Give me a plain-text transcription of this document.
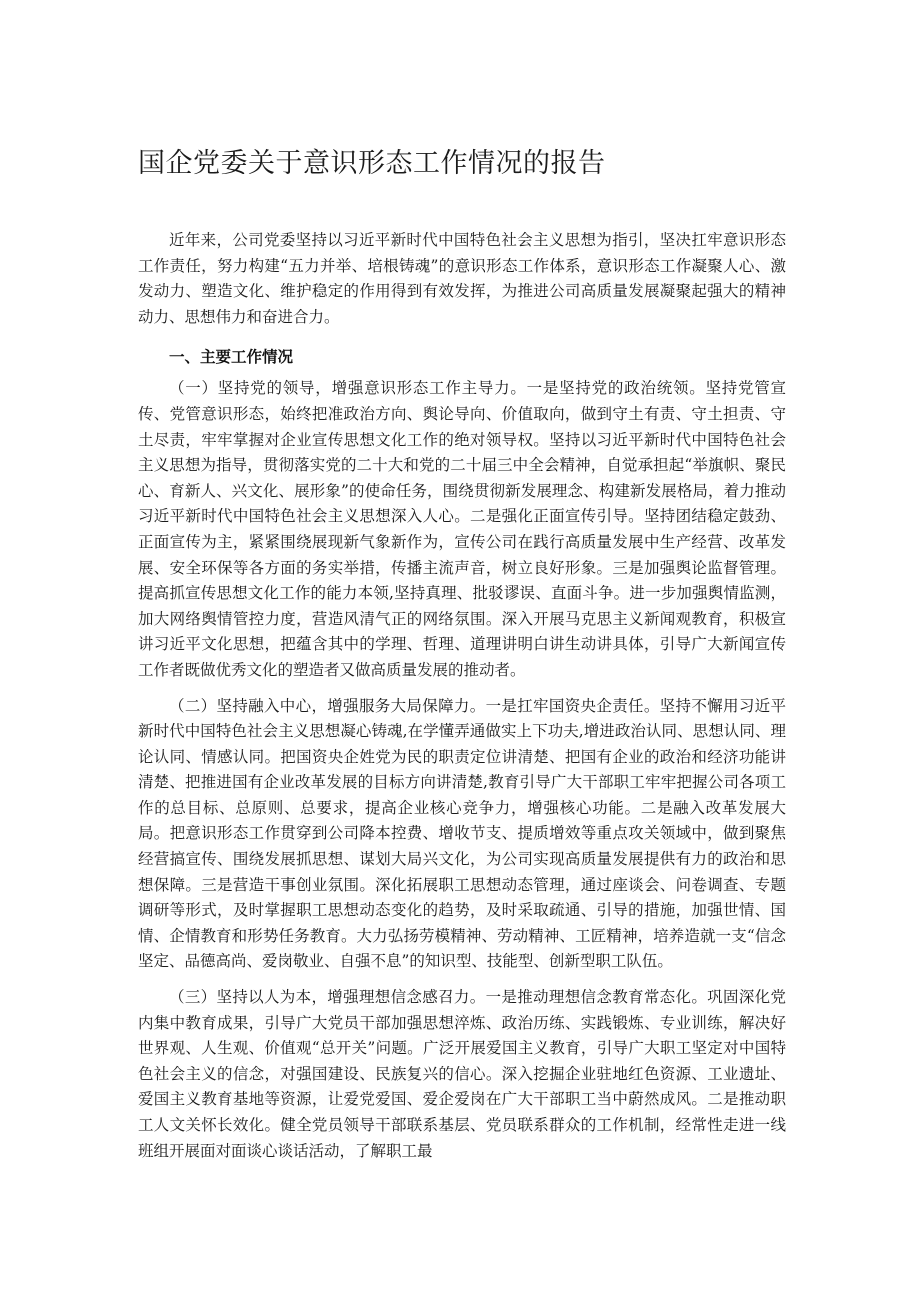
国企党委关于意识形态工作情况的报告

近年来，公司党委坚持以习近平新时代中国特色社会主义思想为指引，坚决扛牢意识形态工作责任，努力构建“五力并举、培根铸魂”的意识形态工作体系，意识形态工作凝聚人心、激发动力、塑造文化、维护稳定的作用得到有效发挥，为推进公司高质量发展凝聚起强大的精神动力、思想伟力和奋进合力。

一、主要工作情况

（一）坚持党的领导，增强意识形态工作主导力。一是坚持党的政治统领。坚持党管宣传、党管意识形态，始终把准政治方向、舆论导向、价值取向，做到守土有责、守土担责、守土尽责，牢牢掌握对企业宣传思想文化工作的绝对领导权。坚持以习近平新时代中国特色社会主义思想为指导，贯彻落实党的二十大和党的二十届三中全会精神，自觉承担起“举旗帜、聚民心、育新人、兴文化、展形象”的使命任务，围绕贯彻新发展理念、构建新发展格局，着力推动习近平新时代中国特色社会主义思想深入人心。二是强化正面宣传引导。坚持团结稳定鼓劲、正面宣传为主，紧紧围绕展现新气象新作为，宣传公司在践行高质量发展中生产经营、改革发展、安全环保等各方面的务实举措，传播主流声音，树立良好形象。三是加强舆论监督管理。提高抓宣传思想文化工作的能力本领,坚持真理、批驳谬误、直面斗争。进一步加强舆情监测，加大网络舆情管控力度，营造风清气正的网络氛围。深入开展马克思主义新闻观教育，积极宣讲习近平文化思想，把蕴含其中的学理、哲理、道理讲明白讲生动讲具体，引导广大新闻宣传工作者既做优秀文化的塑造者又做高质量发展的推动者。

（二）坚持融入中心，增强服务大局保障力。一是扛牢国资央企责任。坚持不懈用习近平新时代中国特色社会主义思想凝心铸魂,在学懂弄通做实上下功夫,增进政治认同、思想认同、理论认同、情感认同。把国资央企姓党为民的职责定位讲清楚、把国有企业的政治和经济功能讲清楚、把推进国有企业改革发展的目标方向讲清楚,教育引导广大干部职工牢牢把握公司各项工作的总目标、总原则、总要求，提高企业核心竞争力，增强核心功能。二是融入改革发展大局。把意识形态工作贯穿到公司降本控费、增收节支、提质增效等重点攻关领域中，做到聚焦经营搞宣传、围绕发展抓思想、谋划大局兴文化，为公司实现高质量发展提供有力的政治和思想保障。三是营造干事创业氛围。深化拓展职工思想动态管理，通过座谈会、问卷调查、专题调研等形式，及时掌握职工思想动态变化的趋势，及时采取疏通、引导的措施，加强世情、国情、企情教育和形势任务教育。大力弘扬劳模精神、劳动精神、工匠精神，培养造就一支“信念坚定、品德高尚、爱岗敬业、自强不息”的知识型、技能型、创新型职工队伍。

（三）坚持以人为本，增强理想信念感召力。一是推动理想信念教育常态化。巩固深化党内集中教育成果，引导广大党员干部加强思想淬炼、政治历练、实践锻炼、专业训练，解决好世界观、人生观、价值观“总开关”问题。广泛开展爱国主义教育，引导广大职工坚定对中国特色社会主义的信念，对强国建设、民族复兴的信心。深入挖掘企业驻地红色资源、工业遗址、爱国主义教育基地等资源，让爱党爱国、爱企爱岗在广大干部职工当中蔚然成风。二是推动职工人文关怀长效化。健全党员领导干部联系基层、党员联系群众的工作机制，经常性走进一线班组开展面对面谈心谈话活动，了解职工最
